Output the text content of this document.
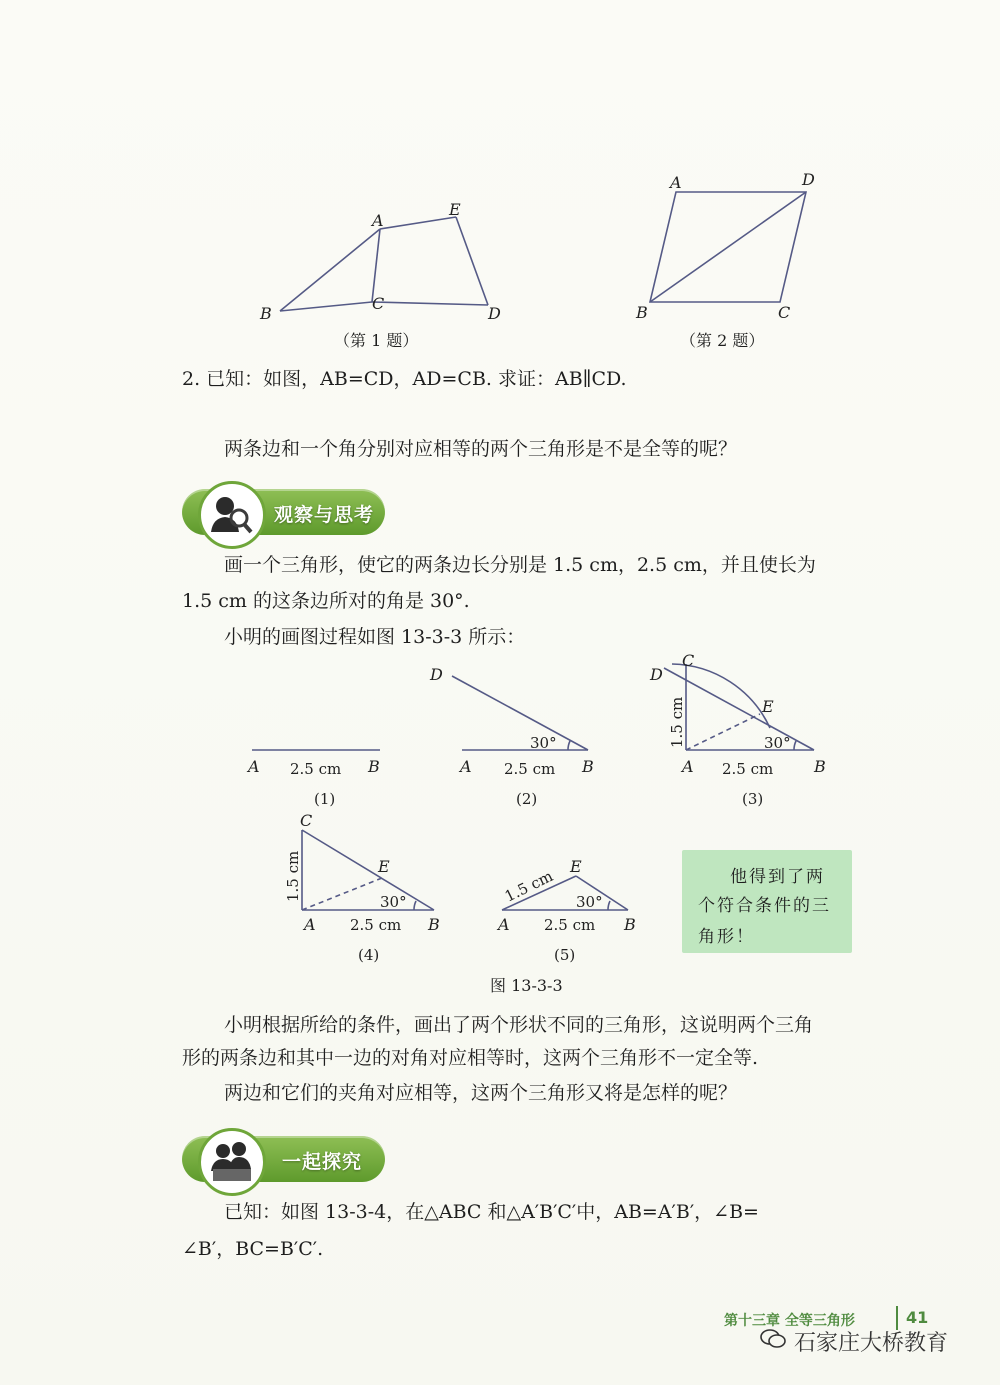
A
E
B
C
D
（第 1 题）
A	D
B	C
（第 2 题）
2. 已知：如图，AB=CD，AD=CB. 求证：AB∥CD.
两条边和一个角分别对应相等的两个三角形是不是全等的呢？
观察与思考
画一个三角形，使它的两条边长分别是 1.5 cm，2.5 cm，并且使长为
1.5 cm 的这条边所对的角是 30°.
小明的画图过程如图 13-3-3 所示：
A	B
2.5 cm
(1)
D
A	B
30°
2.5 cm
(2)
D
C
E
A	B
30°
2.5 cm
1.5 cm
(3)
C
E
A	B
30°
2.5 cm
1.5 cm
(4)
E
A	B
30°
2.5 cm
1.5 cm
(5)
他得到了两
个符合条件的三
角形！
图 13-3-3
小明根据所给的条件，画出了两个形状不同的三角形，这说明两个三角
形的两条边和其中一边的对角对应相等时，这两个三角形不一定全等.
两边和它们的夹角对应相等，这两个三角形又将是怎样的呢？
一起探究
已知：如图 13-3-4，在△ABC 和△A′B′C′中，AB=A′B′，∠B=
∠B′，BC=B′C′.
第十三章 全等三角形	41
石家庄大桥教育
